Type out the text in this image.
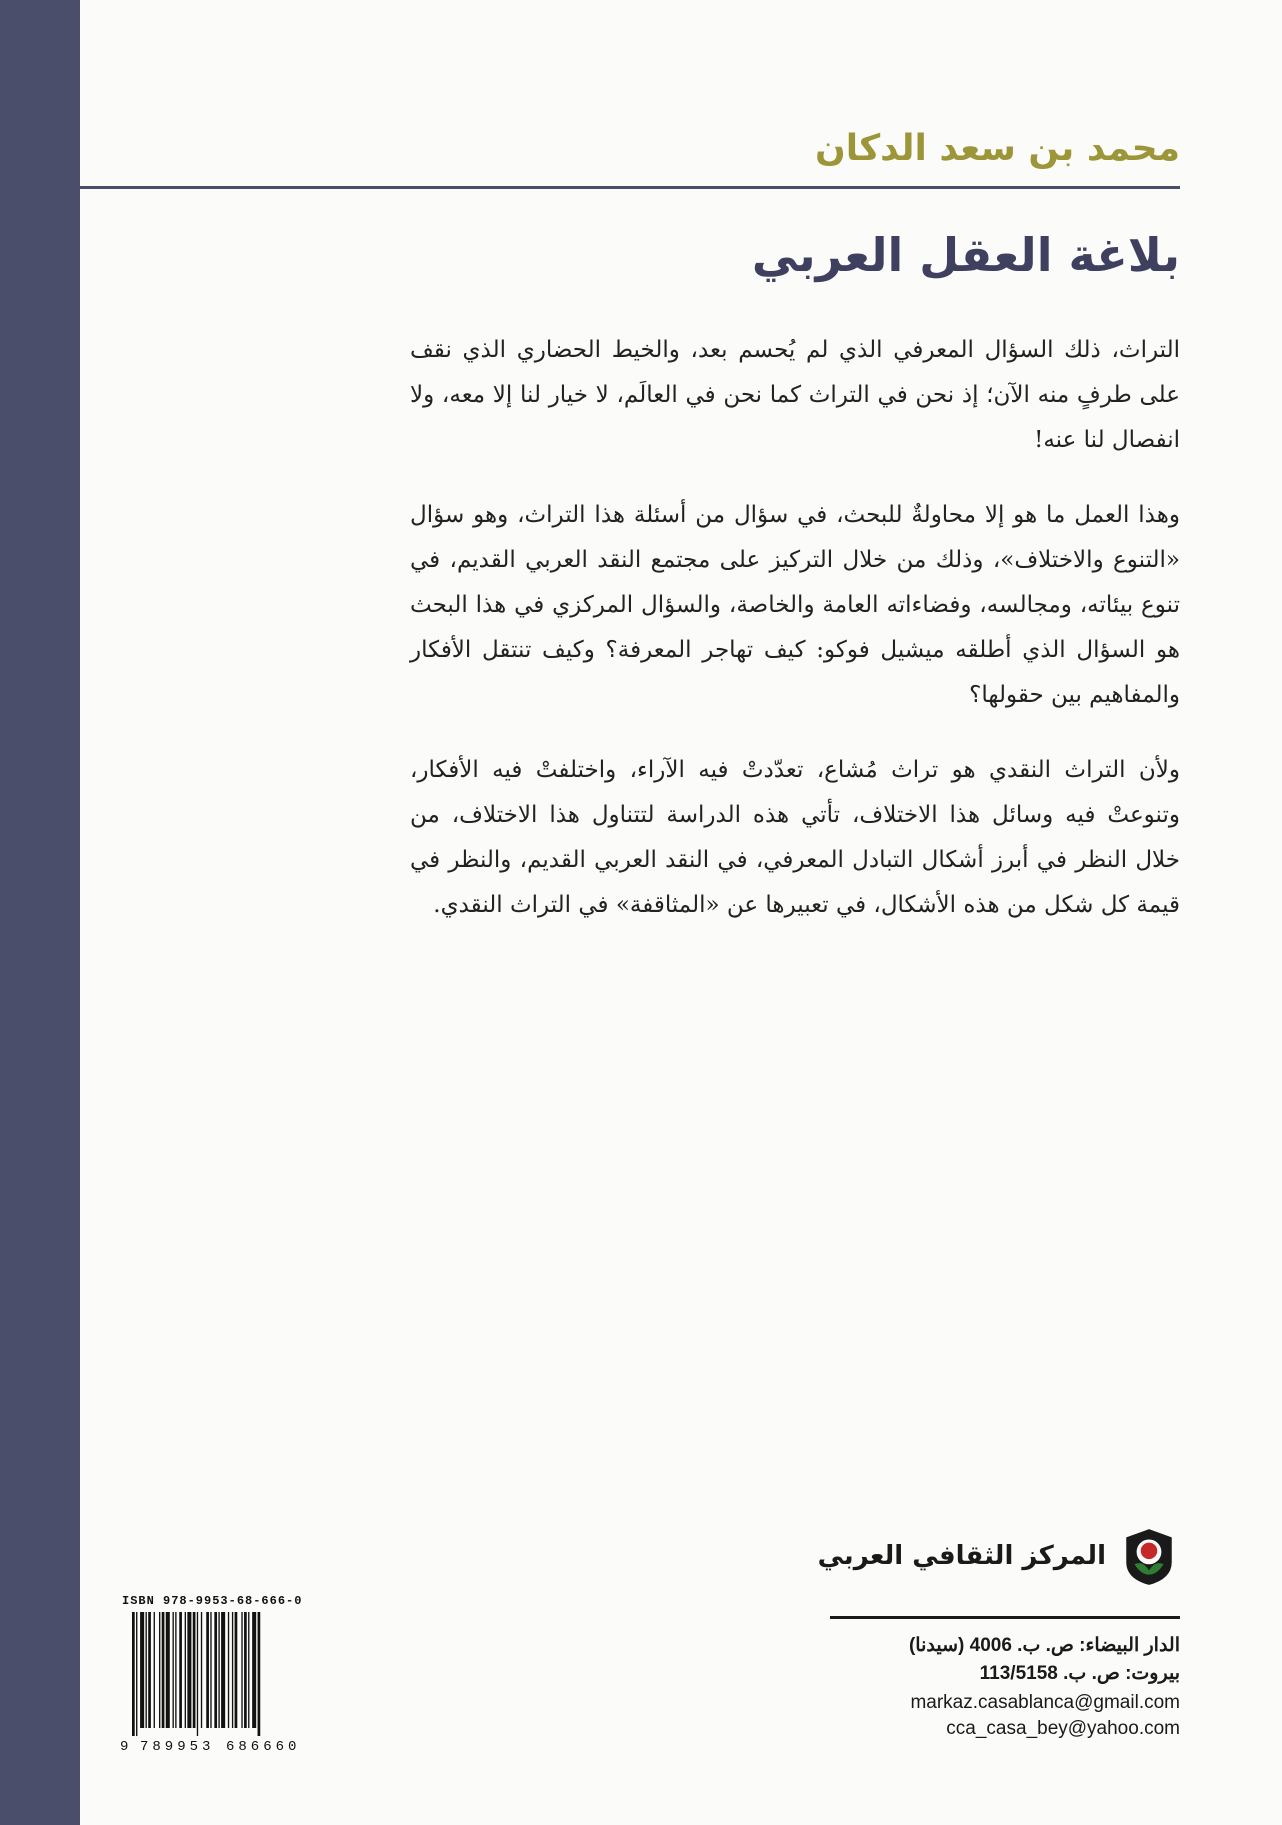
محمد بن سعد الدكان
بلاغة العقل العربي

التراث، ذلك السؤال المعرفي الذي لم يُحسم بعد، والخيط الحضاري الذي نقف على طرفٍ منه الآن؛ إذ نحن في التراث كما نحن في العالَم، لا خيار لنا إلا معه، ولا انفصال لنا عنه!

وهذا العمل ما هو إلا محاولةٌ للبحث، في سؤال من أسئلة هذا التراث، وهو سؤال «التنوع والاختلاف»، وذلك من خلال التركيز على مجتمع النقد العربي القديم، في تنوع بيئاته، ومجالسه، وفضاءاته العامة والخاصة، والسؤال المركزي في هذا البحث هو السؤال الذي أطلقه ميشيل فوكو: كيف تهاجر المعرفة؟ وكيف تنتقل الأفكار والمفاهيم بين حقولها؟

ولأن التراث النقدي هو تراث مُشاع، تعدّدتْ فيه الآراء، واختلفتْ فيه الأفكار، وتنوعتْ فيه وسائل هذا الاختلاف، تأتي هذه الدراسة لتتناول هذا الاختلاف، من خلال النظر في أبرز أشكال التبادل المعرفي، في النقد العربي القديم، والنظر في قيمة كل شكل من هذه الأشكال، في تعبيرها عن «المثاقفة» في التراث النقدي.

المركز الثقافي العربي
الدار البيضاء: ص. ب. 4006 (سيدنا)
بيروت: ص. ب. 113/5158
markaz.casablanca@gmail.com
cca_casa_bey@yahoo.com
ISBN 978-9953-68-666-0
9 789953 686660
